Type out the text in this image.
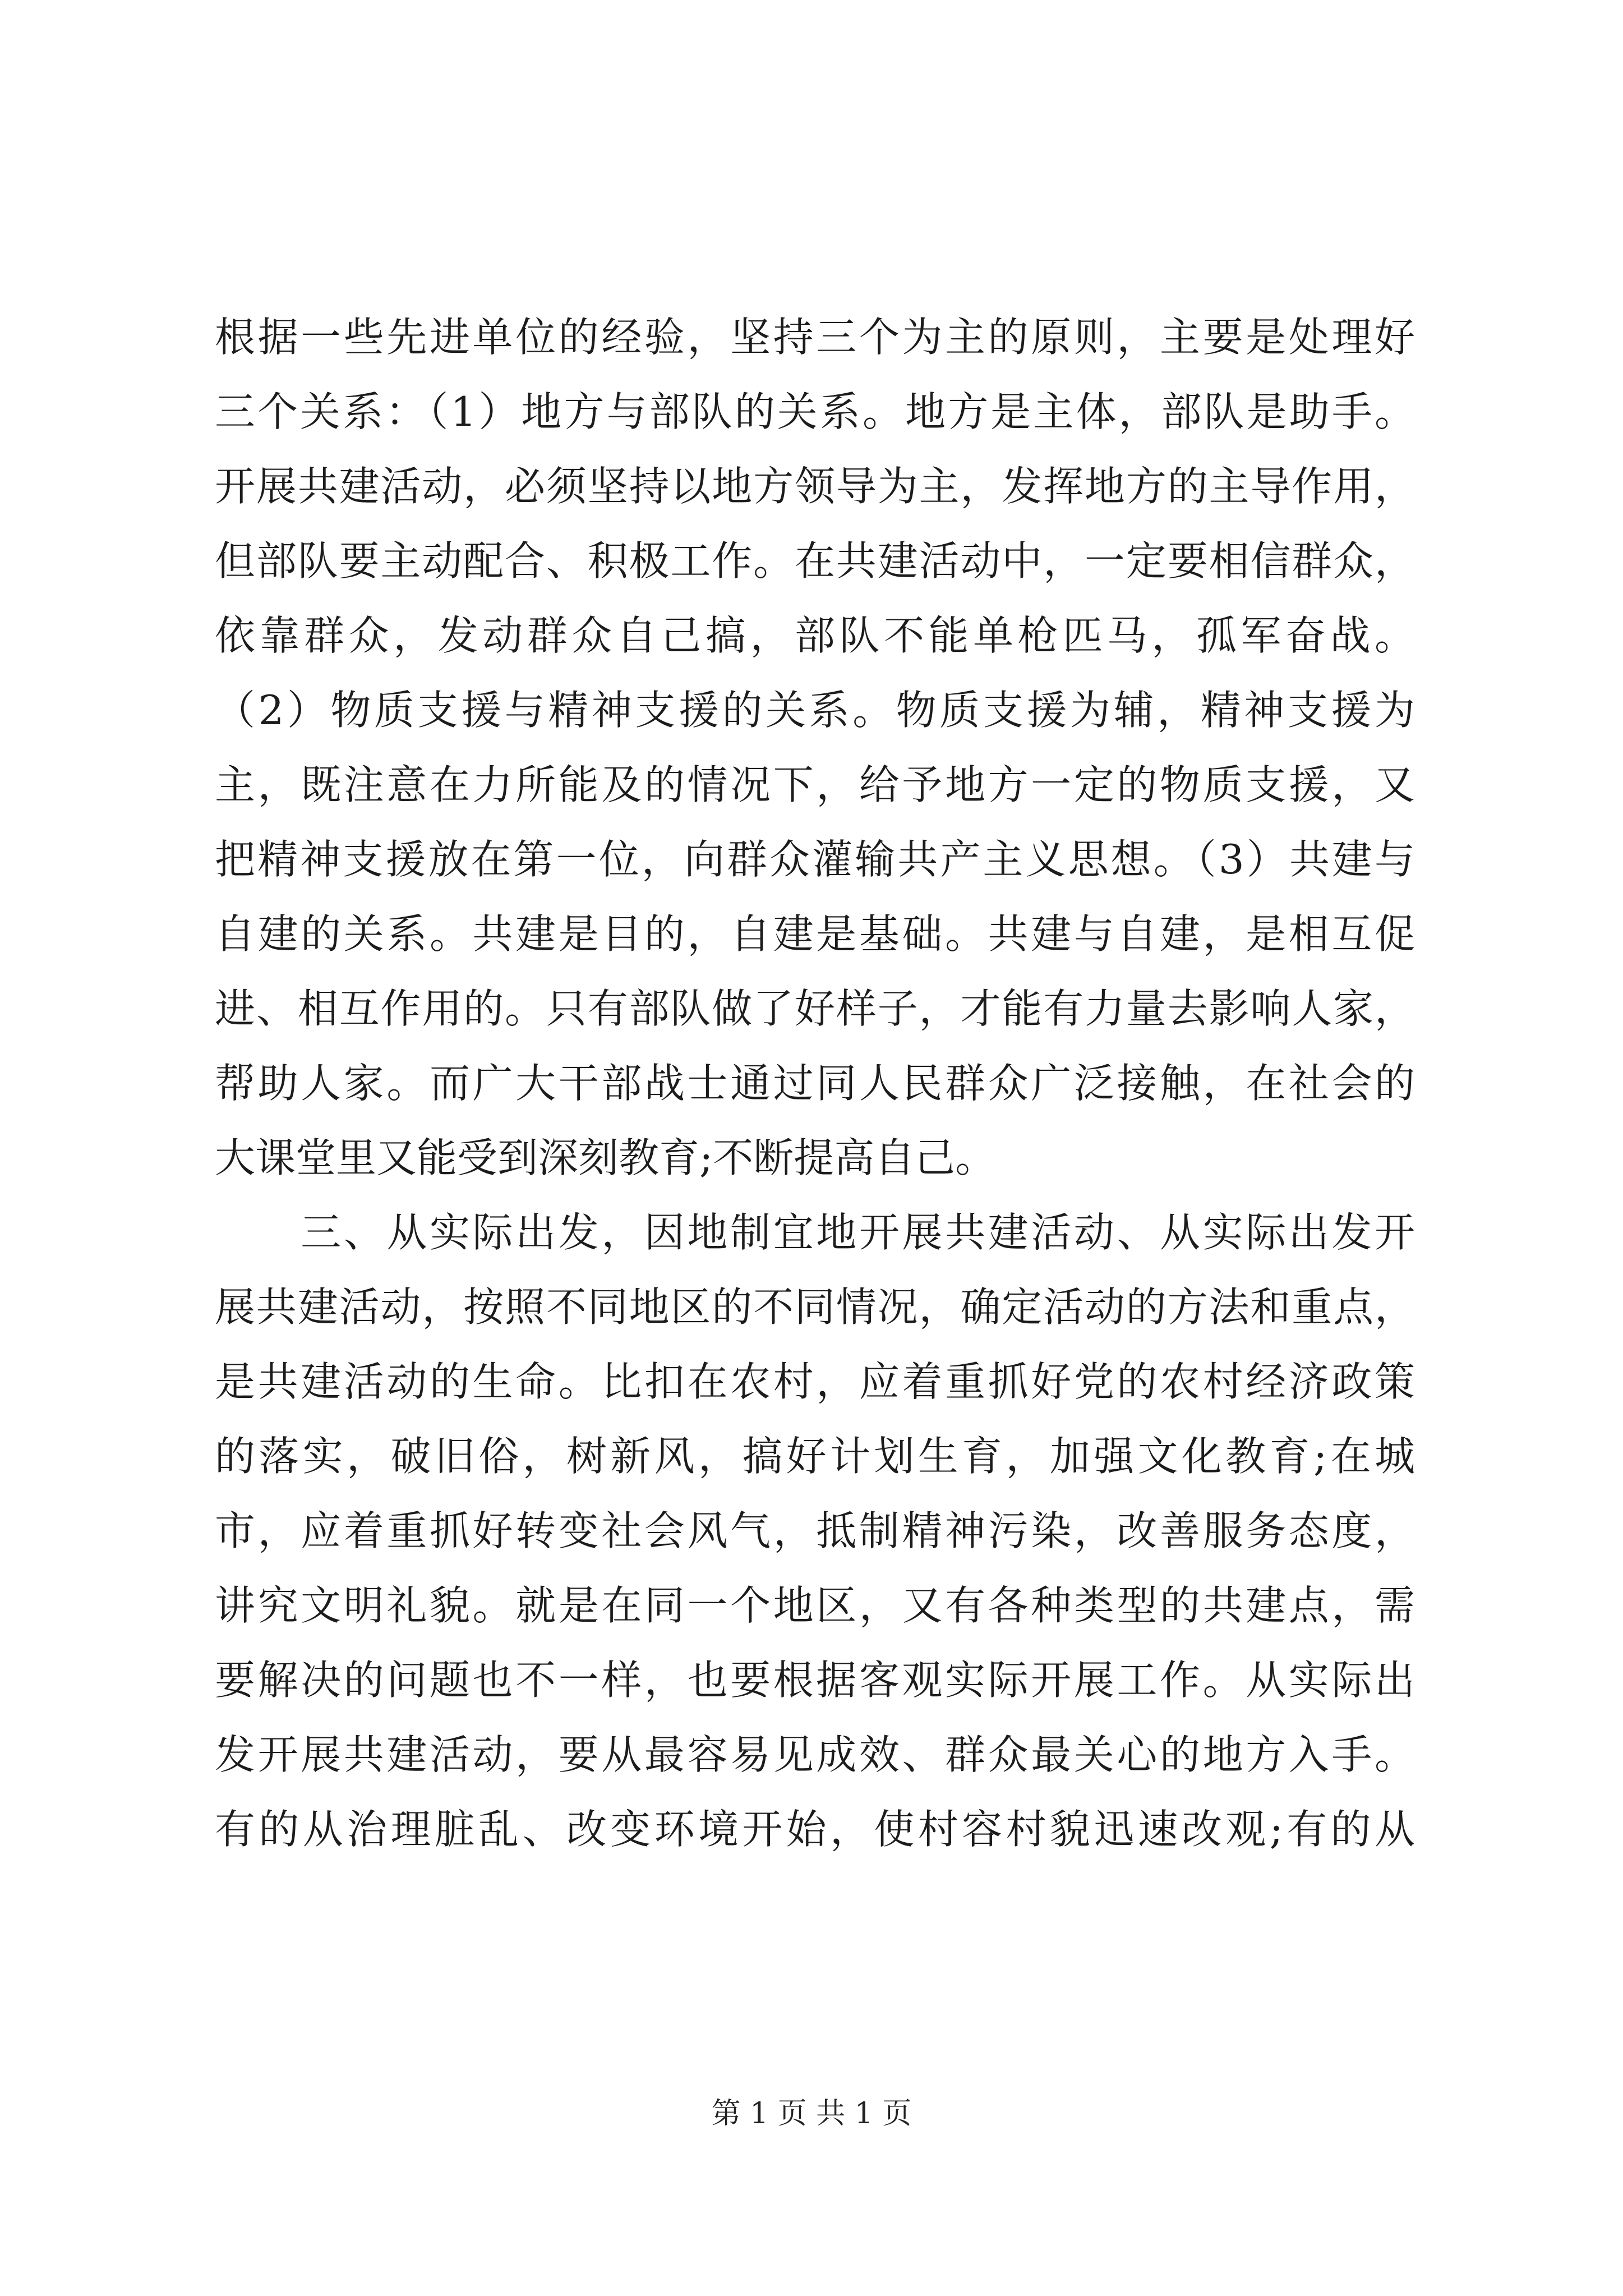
根据一些先进单位的经验，坚持三个为主的原则，主要是处理好
三个关系：（1）地方与部队的关系。地方是主体，部队是助手。
开展共建活动，必须坚持以地方领导为主，发挥地方的主导作用，
但部队要主动配合、积极工作。在共建活动中，一定要相信群众，
依靠群众，发动群众自己搞，部队不能单枪匹马，孤军奋战。
（2）物质支援与精神支援的关系。物质支援为辅，精神支援为
主，既注意在力所能及的情况下，给予地方一定的物质支援，又
把精神支援放在第一位，向群众灌输共产主义思想。（3）共建与
自建的关系。共建是目的，自建是基础。共建与自建，是相互促
进、相互作用的。只有部队做了好样子，才能有力量去影响人家，
帮助人家。而广大干部战士通过同人民群众广泛接触，在社会的
大课堂里又能受到深刻教育;不断提高自己。
　　三、从实际出发，因地制宜地开展共建活动、从实际出发开
展共建活动，按照不同地区的不同情况，确定活动的方法和重点，
是共建活动的生命。比扣在农村，应着重抓好党的农村经济政策
的落实，破旧俗，树新风，搞好计划生育，加强文化教育;在城
市，应着重抓好转变社会风气，抵制精神污染，改善服务态度，
讲究文明礼貌。就是在同一个地区，又有各种类型的共建点，需
要解决的问题也不一样，也要根据客观实际开展工作。从实际出
发开展共建活动，要从最容易见成效、群众最关心的地方入手。
有的从治理脏乱、改变环境开始，使村容村貌迅速改观;有的从
第 1 页 共 1 页
